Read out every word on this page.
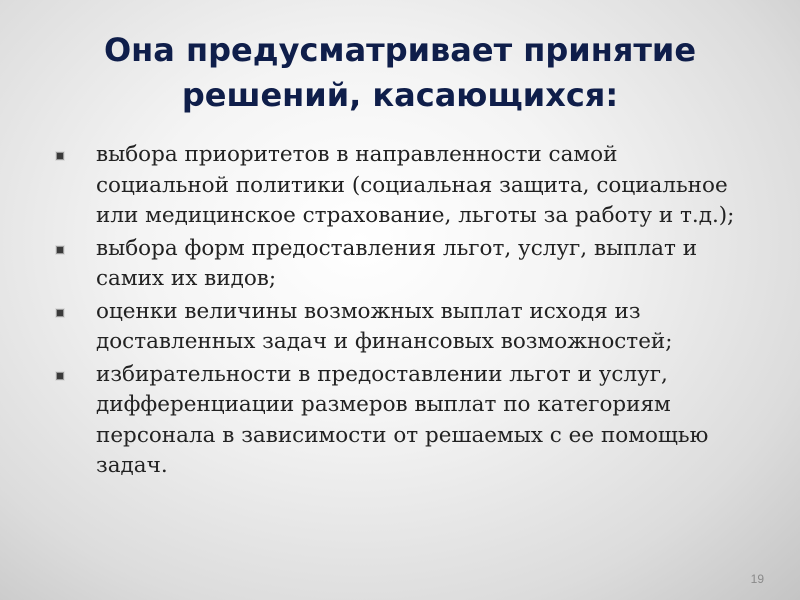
Она предусматривает принятие
решений, касающихся:
выбора приоритетов в направленности самой социальной политики (социальная защита, социальное или медицинское страхование, льготы за работу и т.д.);
выбора форм предоставления льгот, услуг, выплат и самих их видов;
оценки величины возможных выплат исходя из доставленных задач и финансовых возможностей;
избирательности в предоставлении льгот и услуг, дифференциации размеров выплат по категориям персонала в зависимости от решаемых с ее помощью задач.
19
